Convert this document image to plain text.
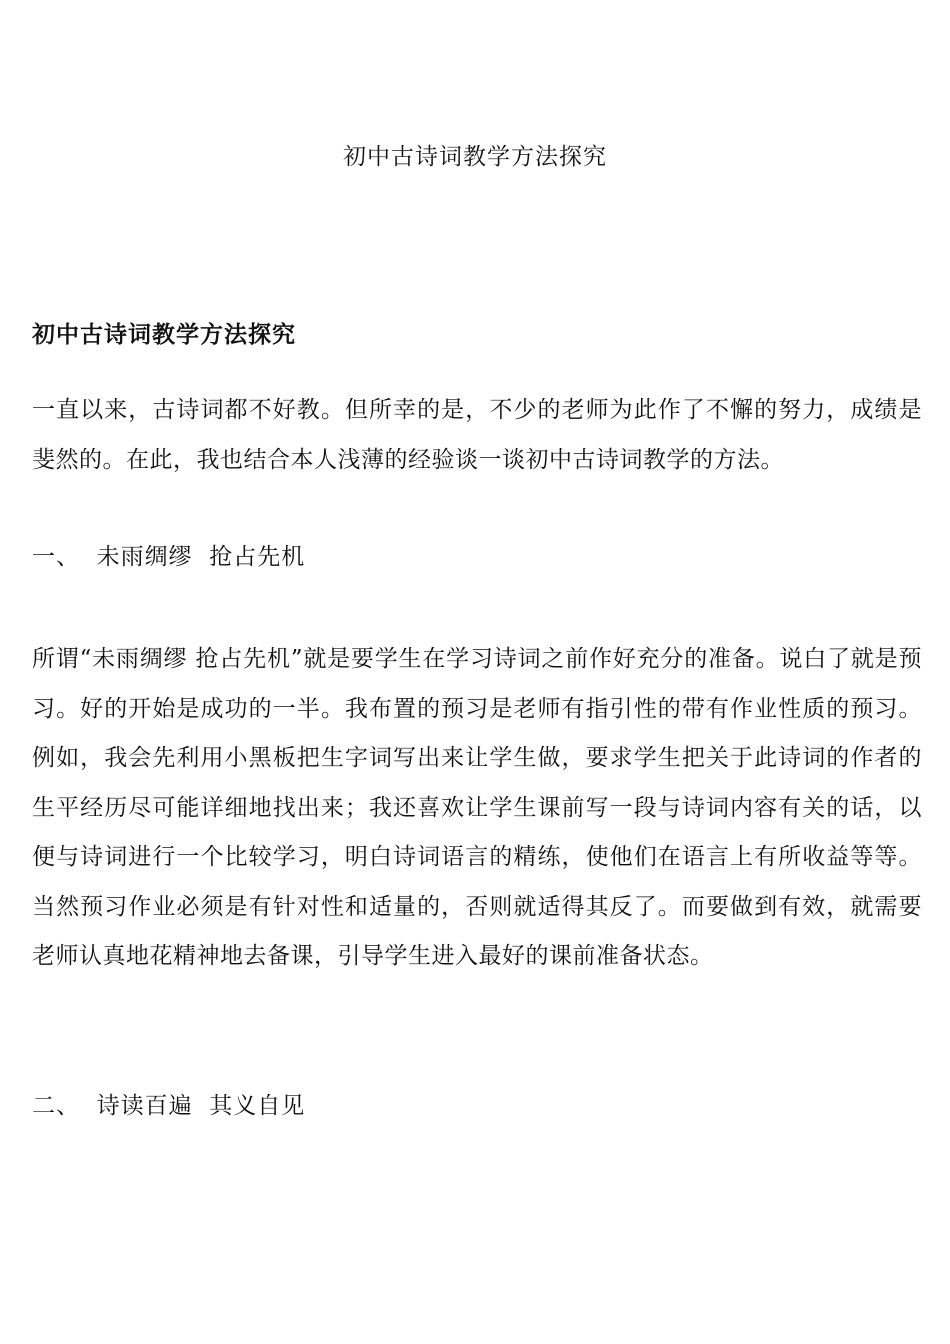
初中古诗词教学方法探究
初中古诗词教学方法探究
一直以来，古诗词都不好教。但所幸的是，不少的老师为此作了不懈的努力，成绩是斐然的。在此，我也结合本人浅薄的经验谈一谈初中古诗词教学的方法。
一、  未雨绸缪  抢占先机
所谓“未雨绸缪 抢占先机”就是要学生在学习诗词之前作好充分的准备。说白了就是预习。好的开始是成功的一半。我布置的预习是老师有指引性的带有作业性质的预习。例如，我会先利用小黑板把生字词写出来让学生做，要求学生把关于此诗词的作者的生平经历尽可能详细地找出来；我还喜欢让学生课前写一段与诗词内容有关的话，以便与诗词进行一个比较学习，明白诗词语言的精练，使他们在语言上有所收益等等。当然预习作业必须是有针对性和适量的，否则就适得其反了。而要做到有效，就需要老师认真地花精神地去备课，引导学生进入最好的课前准备状态。
二、  诗读百遍  其义自见
